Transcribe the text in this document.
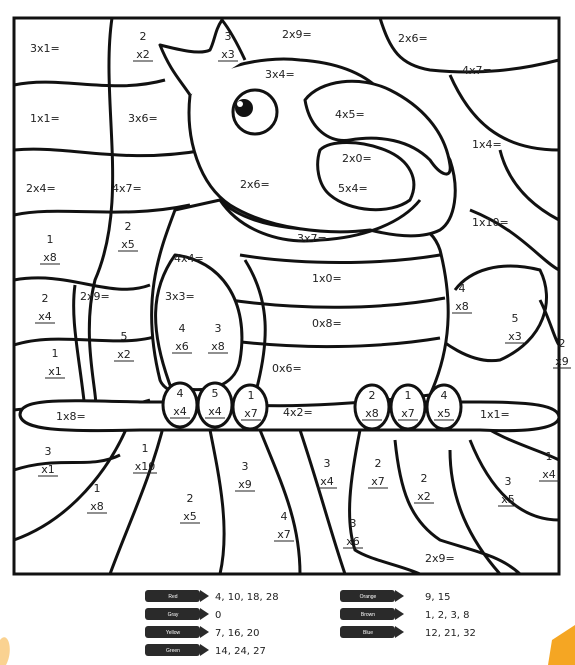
3x1=
2x9=	2x6=
3x4=	4x7=
1x1=	3x6=	4x5=
1x4=
2x0=
2x4=	4x7=	2x6=	5x4=
3x7=
1x10=
4x4=
1x0=
2x9=	3x3=
0x8=
0x6=
1x8=	4x2=	1x1=
2x9=
2
x2
3
x3
1
x8
2
x5
2
x4
5
x2
4
x6
3
x8
4
x8
5
x3
2
x9
1
x1
4
x4
5
x4
1
x7
2
x8
1
x7
4
x5
3
x1
1
x10
1
x8
3
x9
2
x5
3
x4
2
x7
4
x7
3
x6
2
x2
3
x5
1
x4
Red	4, 10, 18, 28
Gray	0
Yellow	7, 16, 20
Green	14, 24, 27
Orange	9, 15
Brown	1, 2, 3, 8
Blue	12, 21, 32
